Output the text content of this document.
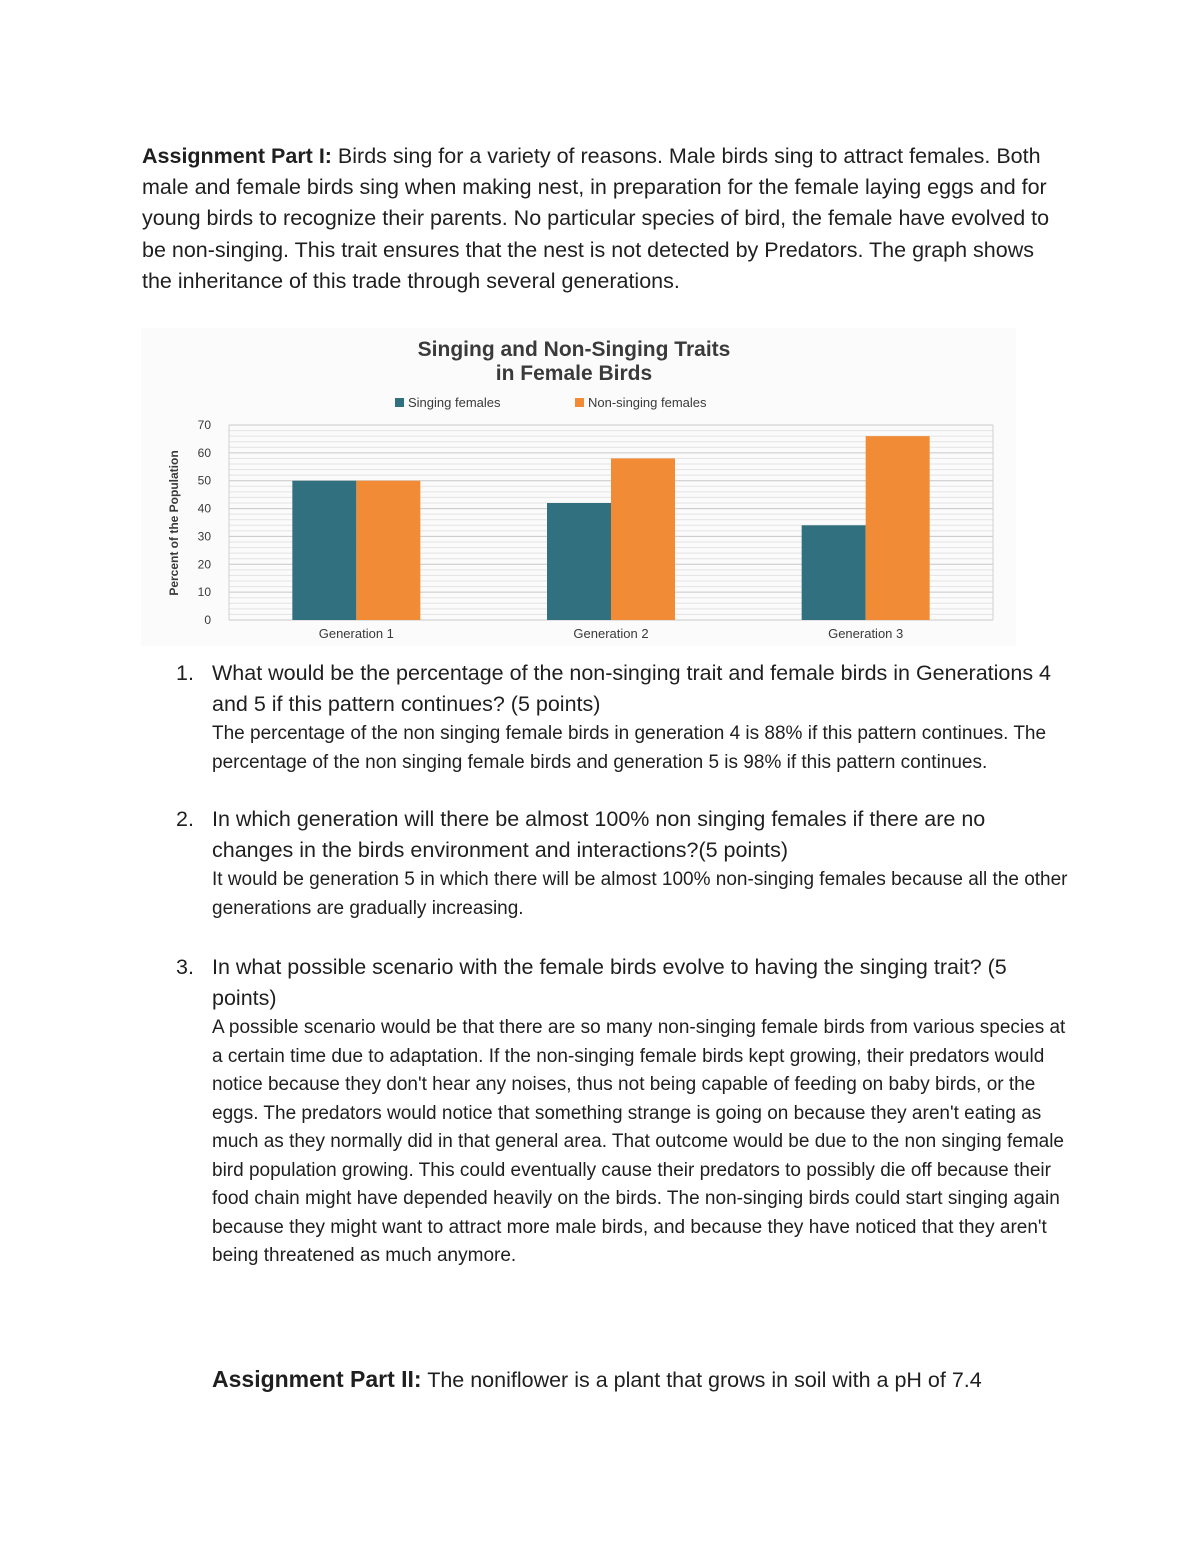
Assignment Part I: Birds sing for a variety of reasons. Male birds sing to attract females. Both male and female birds sing when making nest, in preparation for the female laying eggs and for young birds to recognize their parents. No particular species of bird, the female have evolved to be non-singing. This trait ensures that the nest is not detected by Predators. The graph shows the inheritance of this trade through several generations.
Singing and Non-Singing Traits
in Female Birds
Singing females	Non-singing females
0
10
20
30
40
50
60
70
Generation 1	Generation 2	Generation 3
Percent of the Population
1. What would be the percentage of the non-singing trait and female birds in Generations 4 and 5 if this pattern continues? (5 points)
The percentage of the non singing female birds in generation 4 is 88% if this pattern continues. The percentage of the non singing female birds and generation 5 is 98% if this pattern continues.
2. In which generation will there be almost 100% non singing females if there are no changes in the birds environment and interactions?(5 points)
It would be generation 5 in which there will be almost 100% non-singing females because all the other generations are gradually increasing.
3. In what possible scenario with the female birds evolve to having the singing trait? (5 points)
A possible scenario would be that there are so many non-singing female birds from various species at a certain time due to adaptation. If the non-singing female birds kept growing, their predators would notice because they don't hear any noises, thus not being capable of feeding on baby birds, or the eggs. The predators would notice that something strange is going on because they aren't eating as much as they normally did in that general area. That outcome would be due to the non singing female bird population growing. This could eventually cause their predators to possibly die off because their food chain might have depended heavily on the birds. The non-singing birds could start singing again because they might want to attract more male birds, and because they have noticed that they aren't being threatened as much anymore.
Assignment Part II: The noniflower is a plant that grows in soil with a pH of 7.4
